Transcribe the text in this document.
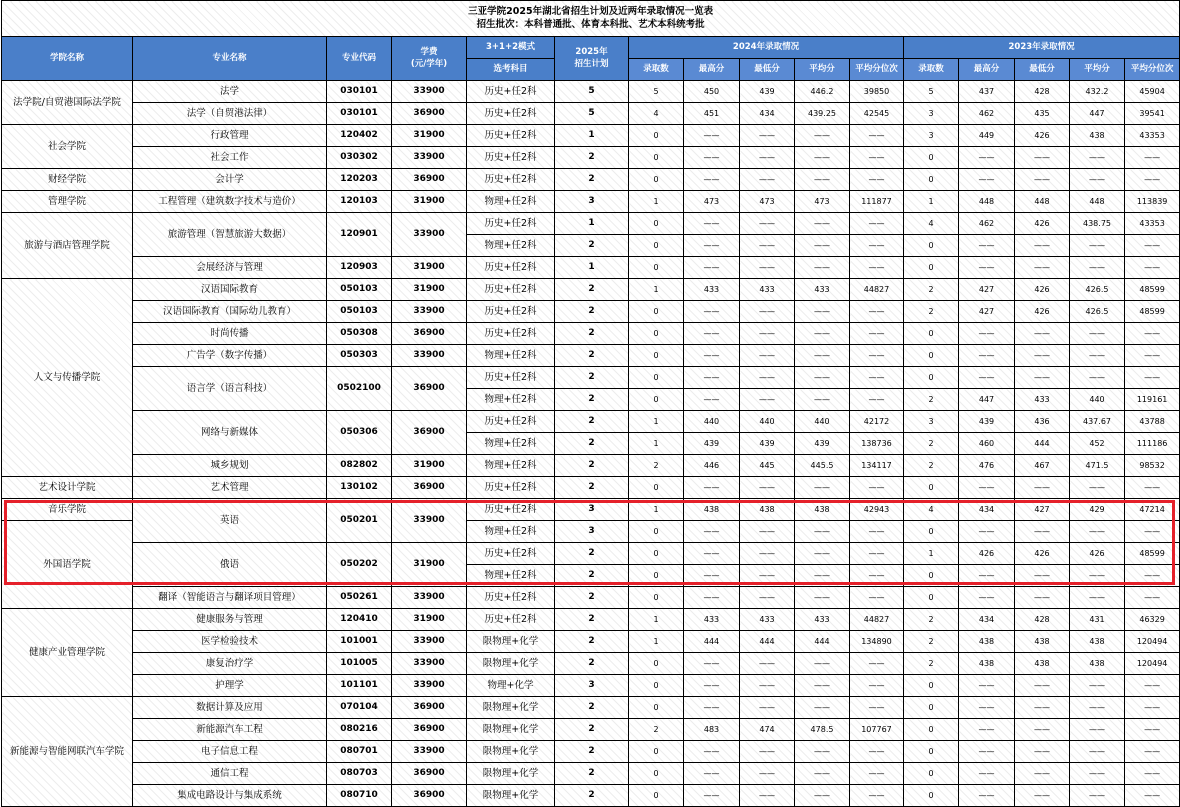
三亚学院2025年湖北省招生计划及近两年录取情况一览表
招生批次：本科普通批、体育本科批、艺术本科统考批															

学院名称	专业名称	专业代码	学费
(元/学年)	3+1+2模式	2025年
招生计划	2024年录取情况					2023年录取情况				
				选考科目		录取数	最高分	最低分	平均分	平均分位次	录取数	最高分	最低分	平均分	平均分位次
法学院/自贸港国际法学院	法学	030101	33900	历史+任2科	5	5	450	439	446.2	39850	5	437	428	432.2	45904
	法学（自贸港法律）	030101	36900	历史+任2科	5	4	451	434	439.25	42545	3	462	435	447	39541
社会学院	行政管理	120402	31900	历史+任2科	1	0	——	——	——	——	3	449	426	438	43353
	社会工作	030302	33900	历史+任2科	2	0	——	——	——	——	0	——	——	——	——
财经学院	会计学	120203	36900	历史+任2科	2	0	——	——	——	——	0	——	——	——	——
管理学院	工程管理（建筑数字技术与造价）	120103	31900	物理+任2科	3	1	473	473	473	111877	1	448	448	448	113839
旅游与酒店管理学院	旅游管理（智慧旅游大数据）	120901	33900	历史+任2科	1	0	——	——	——	——	4	462	426	438.75	43353
				物理+任2科	2	0	——	——	——	——	0	——	——	——	——
	会展经济与管理	120903	31900	历史+任2科	1	0	——	——	——	——	0	——	——	——	——
人文与传播学院	汉语国际教育	050103	31900	历史+任2科	2	1	433	433	433	44827	2	427	426	426.5	48599
	汉语国际教育（国际幼儿教育）	050103	33900	历史+任2科	2	0	——	——	——	——	2	427	426	426.5	48599
	时尚传播	050308	36900	历史+任2科	2	0	——	——	——	——	0	——	——	——	——
	广告学（数字传播）	050303	33900	物理+任2科	2	0	——	——	——	——	0	——	——	——	——
	语言学（语言科技）	0502100	36900	历史+任2科	2	0	——	——	——	——	0	——	——	——	——
				物理+任2科	2	0	——	——	——	——	2	447	433	440	119161
	网络与新媒体	050306	36900	历史+任2科	2	1	440	440	440	42172	3	439	436	437.67	43788
				物理+任2科	2	1	439	439	439	138736	2	460	444	452	111186
	城乡规划	082802	31900	物理+任2科	2	2	446	445	445.5	134117	2	476	467	471.5	98532
艺术设计学院	艺术管理	130102	36900	历史+任2科	2	0	——	——	——	——	0	——	——	——	——
音乐学院	英语	050201	33900	历史+任2科	3	1	438	438	438	42943	4	434	427	429	47214
外国语学院				物理+任2科	3	0	——	——	——	——	0	——	——	——	——
	俄语	050202	31900	历史+任2科	2	0	——	——	——	——	1	426	426	426	48599
				物理+任2科	2	0	——	——	——	——	0	——	——	——	——
	翻译（智能语言与翻译项目管理）	050261	33900	历史+任2科	2	0	——	——	——	——	0	——	——	——	——
健康产业管理学院	健康服务与管理	120410	31900	历史+任2科	2	1	433	433	433	44827	2	434	428	431	46329
	医学检验技术	101001	33900	限物理+化学	2	1	444	444	444	134890	2	438	438	438	120494
	康复治疗学	101005	33900	限物理+化学	2	0	——	——	——	——	2	438	438	438	120494
	护理学	101101	33900	物理+化学	3	0	——	——	——	——	0	——	——	——	——
新能源与智能网联汽车学院	数据计算及应用	070104	36900	限物理+化学	2	0	——	——	——	——	0	——	——	——	——
	新能源汽车工程	080216	36900	限物理+化学	2	2	483	474	478.5	107767	0	——	——	——	——
	电子信息工程	080701	33900	限物理+化学	2	0	——	——	——	——	0	——	——	——	——
	通信工程	080703	36900	限物理+化学	2	0	——	——	——	——	0	——	——	——	——
	集成电路设计与集成系统	080710	36900	限物理+化学	2	0	——	——	——	——	0	——	——	——	——
